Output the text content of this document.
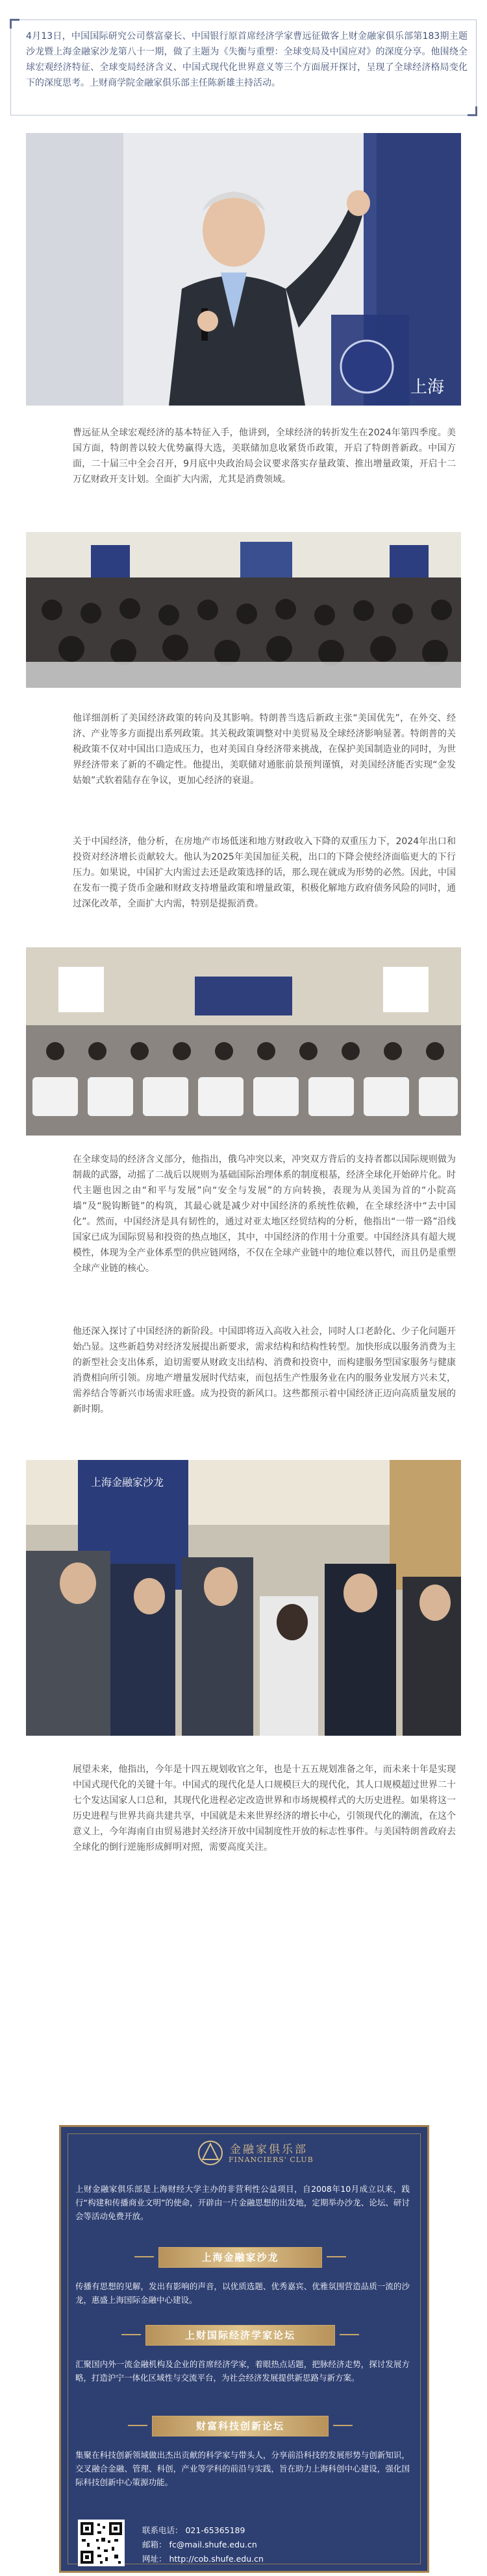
4月13日，中国国际研究公司蔡富豪长、中国银行原首席经济学家曹远征做客上财金融家俱乐部第183期主题沙龙暨上海金融家沙龙第八十一期，做了主题为《失衡与重塑：全球变局及中国应对》的深度分享。他围绕全球宏观经济特征、全球变局经济含义、中国式现代化世界意义等三个方面展开探讨，呈现了全球经济格局变化下的深度思考。上财商学院金融家俱乐部主任陈新雄主持活动。

上海

曹远征从全球宏观经济的基本特征入手，他讲到，全球经济的转折发生在2024年第四季度。美国方面，特朗普以较大优势赢得大选，美联储加息收紧货币政策，开启了特朗普新政。中国方面，二十届三中全会召开，9月底中央政治局会议要求落实存量政策、推出增量政策，开启十二万亿财政开支计划。全面扩大内需，尤其是消费领域。

他详细剖析了美国经济政策的转向及其影响。特朗普当选后新政主张“美国优先”，在外交、经济、产业等多方面提出系列政策。其关税政策调整对中美贸易及全球经济影响显著。特朗普的关税政策不仅对中国出口造成压力，也对美国自身经济带来挑战，在保护美国制造业的同时，为世界经济带来了新的不确定性。他提出，美联储对通胀前景预判谨慎，对美国经济能否实现“金发姑娘”式软着陆存在争议，更加心经济的衰退。

关于中国经济，他分析，在房地产市场低迷和地方财政收入下降的双重压力下，2024年出口和投资对经济增长贡献较大。他认为2025年美国加征关税，出口的下降会使经济面临更大的下行压力。如果说，中国扩大内需过去还是政策选择的话，那么现在就成为形势的必然。因此，中国在发布一揽子货币金融和财政支持增量政策和增量政策，积极化解地方政府债务风险的同时，通过深化改革，全面扩大内需，特别是提振消费。

在全球变局的经济含义部分，他指出，俄乌冲突以来，冲突双方背后的支持者都以国际规则做为制裁的武器，动摇了二战后以规则为基础国际治理体系的制度根基，经济全球化开始碎片化。时代主题也因之由“和平与发展”向“安全与发展”的方向转换，表现为从美国为首的“小院高墙”及“脱钩断链”的构筑，其最心就是减少对中国经济的系统性依赖，在全球经济中“去中国化”。然而，中国经济是具有韧性的，通过对亚太地区经贸结构的分析，他指出“一带一路”沿线国家已成为国际贸易和投资的热点地区，其中，中国经济的作用十分重要。中国经济具有超大规模性，体现为全产业体系型的供应链网络，不仅在全球产业链中的地位难以替代，而且仍是重塑全球产业链的核心。

他还深入探讨了中国经济的新阶段。中国即将迈入高收入社会，同时人口老龄化、少子化问题开始凸显。这些新趋势对经济发展提出新要求，需求结构和结构性转型。加快形成以服务消费为主的新型社会支出体系，迫切需要从财政支出结构、消费和投资中，而构建服务型国家服务与健康消费相向所引领。房地产增量发展时代结束，而包括生产性服务业在内的服务业发展方兴未艾，需养结合等新兴市场需求旺盛。成为投资的新风口。这些都预示着中国经济正迈向高质量发展的新时期。

上海金融家沙龙

展望未来，他指出，今年是十四五规划收官之年，也是十五五规划准备之年，而未来十年是实现中国式现代化的关键十年。中国式的现代化是人口规模巨大的现代化，其人口规模超过世界二十七个发达国家人口总和，其现代化进程必定改造世界和市场规模样式的大历史进程。如果将这一历史进程与世界共商共建共享，中国就是未来世界经济的增长中心，引领现代化的潮流，在这个意义上，今年海南自由贸易港封关经济开放中国制度性开放的标志性事件。与美国特朗普政府去全球化的倒行逆施形成鲜明对照，需要高度关注。

金融家俱乐部
FINANCIERS' CLUB

上财金融家俱乐部是上海财经大学主办的非营利性公益项目，自2008年10月成立以来，践行“构建和传播商业文明”的使命，开辟由一片金融思想的出发地，定期举办沙龙、论坛、研讨会等活动免费开放。

上海金融家沙龙

传播有思想的见解，发出有影响的声音，以优质选题、优秀嘉宾、优雅氛围营造品质一流的沙龙，惠盛上海国际金融中心建设。

上财国际经济学家论坛

汇聚国内外一流金融机构及企业的首席经济学家，着眼热点话题，把脉经济走势，探讨发展方略，打造沪宁一体化区域性与交流平台，为社会经济发展提供新思路与新方案。

财富科技创新论坛

集聚在科技创新领域做出杰出贡献的科学家与带头人，分享前沿科技的发展形势与创新知识，交叉融合金融、管理、科创，产业等学科的前沿与实践，旨在助力上海科创中心建设，强化国际科技创新中心策源功能。

联系电话： 021-65365189
邮箱： fc@mail.shufe.edu.cn
网址： http://cob.shufe.edu.cn
